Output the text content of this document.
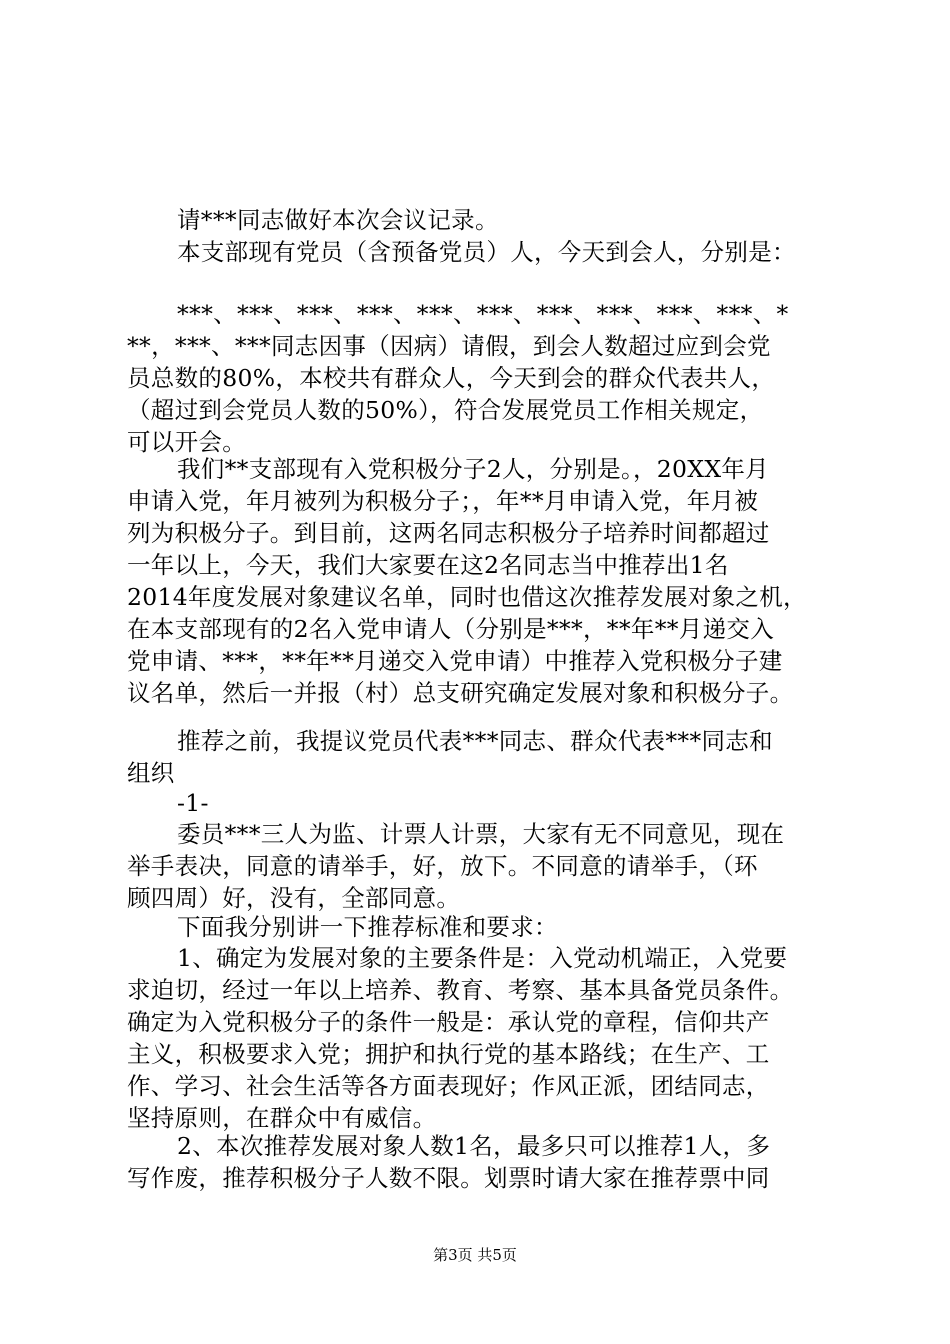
请***同志做好本次会议记录。
本支部现有党员（含预备党员）人，今天到会人，分别是：
***、***、***、***、***、***、***、***、***、***、*
**，***、***同志因事（因病）请假，到会人数超过应到会党
员总数的80%，本校共有群众人，今天到会的群众代表共人，
（超过到会党员人数的50%），符合发展党员工作相关规定，
可以开会。
我们**支部现有入党积极分子2人，分别是。，20XX年月
申请入党，年月被列为积极分子；，年**月申请入党，年月被
列为积极分子。到目前，这两名同志积极分子培养时间都超过
一年以上，今天，我们大家要在这2名同志当中推荐出1名
2014年度发展对象建议名单，同时也借这次推荐发展对象之机，
在本支部现有的2名入党申请人（分别是***，**年**月递交入
党申请、***，**年**月递交入党申请）中推荐入党积极分子建
议名单，然后一并报（村）总支研究确定发展对象和积极分子。
推荐之前，我提议党员代表***同志、群众代表***同志和
组织
-1-
委员***三人为监、计票人计票，大家有无不同意见，现在
举手表决，同意的请举手，好，放下。不同意的请举手，（环
顾四周）好，没有，全部同意。
下面我分别讲一下推荐标准和要求：
1、确定为发展对象的主要条件是：入党动机端正，入党要
求迫切，经过一年以上培养、教育、考察、基本具备党员条件。
确定为入党积极分子的条件一般是：承认党的章程，信仰共产
主义，积极要求入党；拥护和执行党的基本路线；在生产、工
作、学习、社会生活等各方面表现好；作风正派，团结同志，
坚持原则，在群众中有威信。
2、本次推荐发展对象人数1名，最多只可以推荐1人，多
写作废，推荐积极分子人数不限。划票时请大家在推荐票中同
第3页 共5页
